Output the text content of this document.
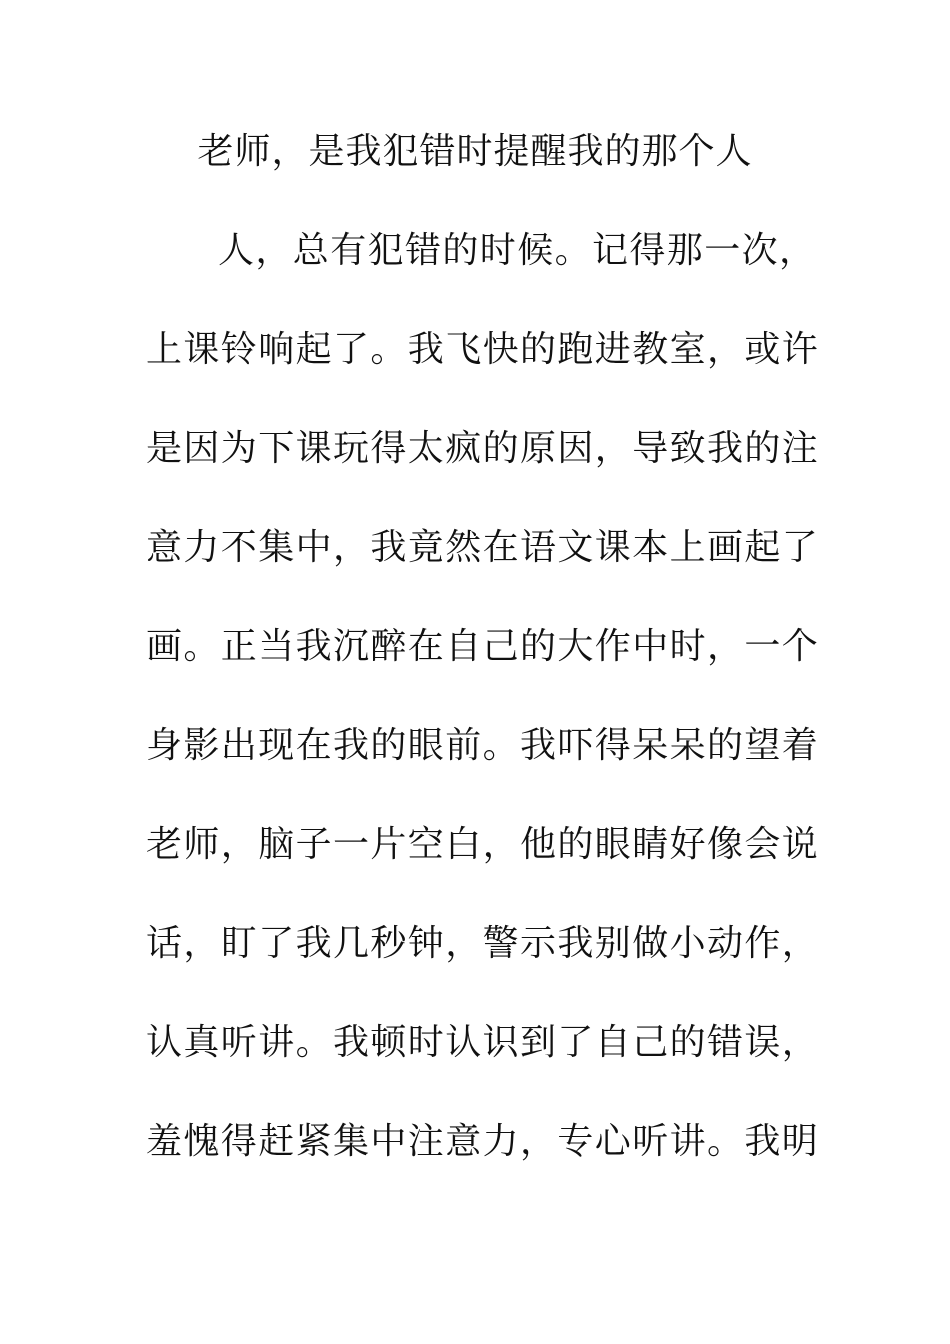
老师，是我犯错时提醒我的那个人
人，总有犯错的时候。记得那一次，
上课铃响起了。我飞快的跑进教室，或许
是因为下课玩得太疯的原因，导致我的注
意力不集中，我竟然在语文课本上画起了
画。正当我沉醉在自己的大作中时，一个
身影出现在我的眼前。我吓得呆呆的望着
老师，脑子一片空白，他的眼睛好像会说
话，盯了我几秒钟，警示我别做小动作，
认真听讲。我顿时认识到了自己的错误，
羞愧得赶紧集中注意力，专心听讲。我明
